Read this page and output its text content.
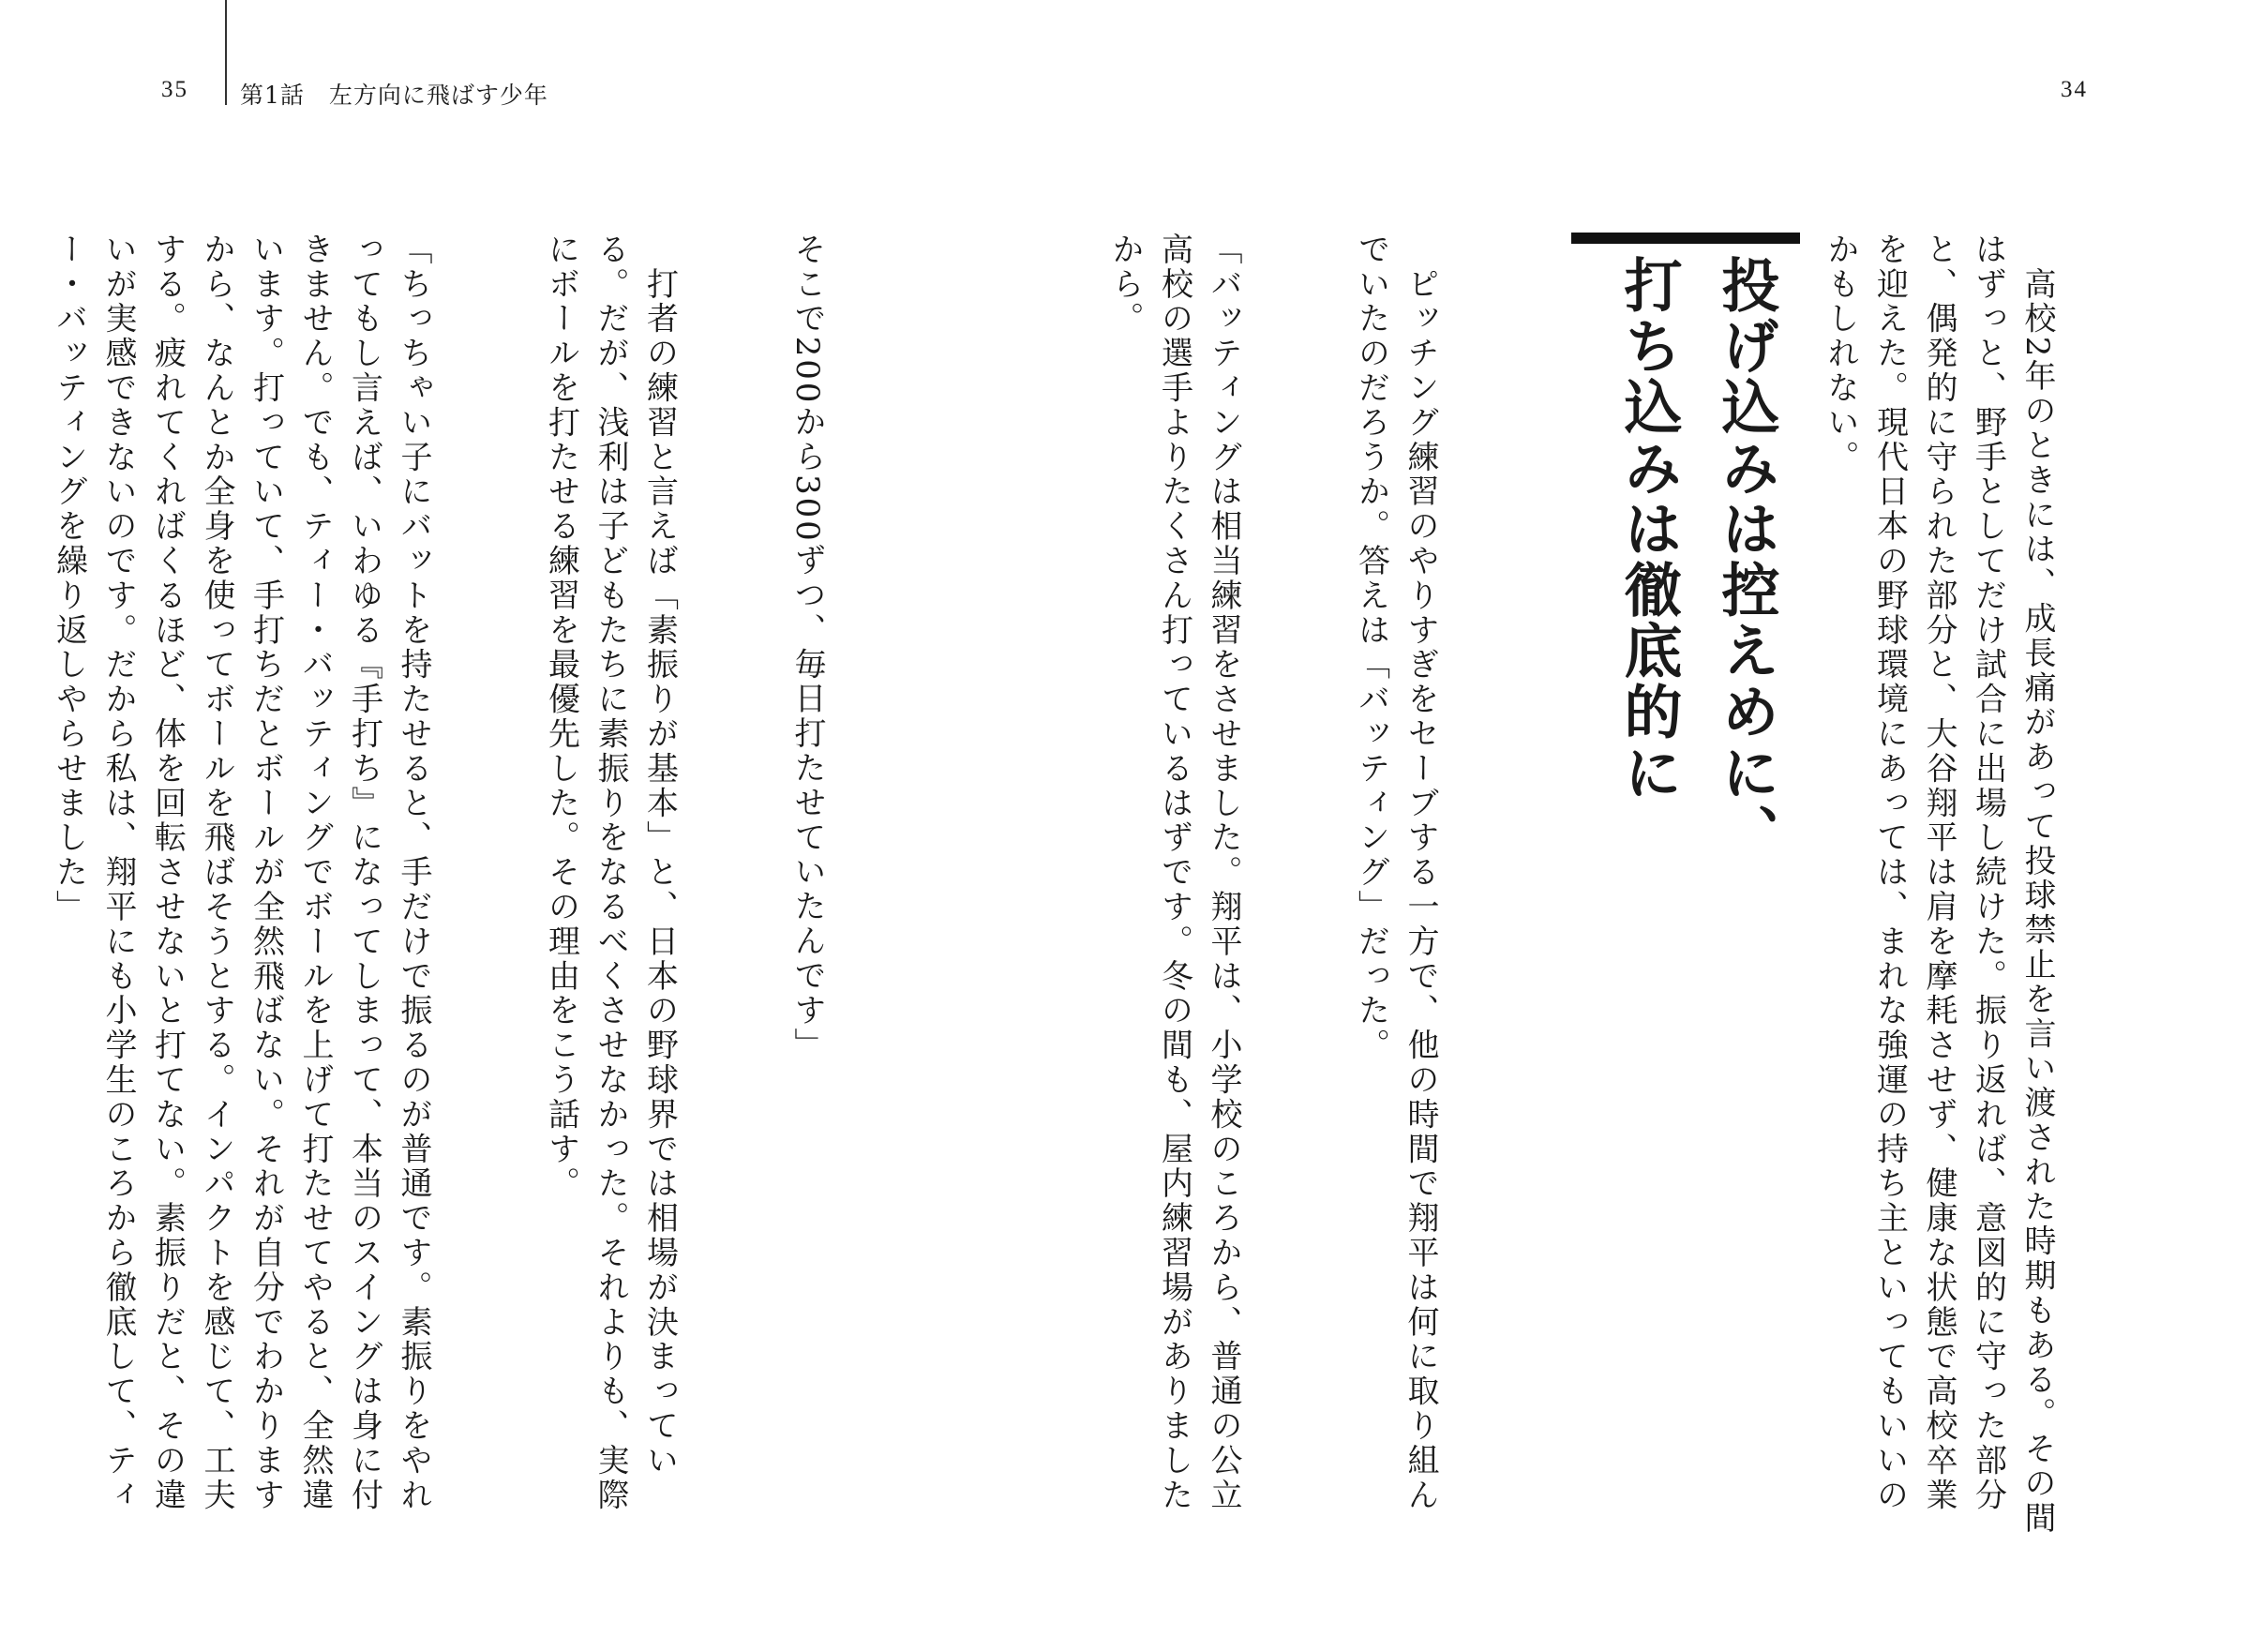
35 第1話　左方向に飛ばす少年	34

　高校2年のときには、成長痛があって投球禁止を言い渡された時期もある。その間はずっと、野手としてだけ試合に出場し続けた。振り返れば、意図的に守った部分と、偶発的に守られた部分と、大谷翔平は肩を摩耗させず、健康な状態で高校卒業を迎えた。現代日本の野球環境にあっては、まれな強運の持ち主といってもいいのかもしれない。

投げ込みは控えめに、
打ち込みは徹底的に

　ピッチング練習のやりすぎをセーブする一方で、他の時間で翔平は何に取り組んでいたのだろうか。答えは「バッティング」だった。

「バッティングは相当練習をさせました。翔平は、小学校のころから、普通の公立高校の選手よりたくさん打っているはずです。冬の間も、屋内練習場がありましたから。

そこで200から300ずつ、毎日打たせていたんです」

　打者の練習と言えば「素振りが基本」と、日本の野球界では相場が決まっている。だが、浅利は子どもたちに素振りをなるべくさせなかった。それよりも、実際にボールを打たせる練習を最優先した。その理由をこう話す。

「ちっちゃい子にバットを持たせると、手だけで振るのが普通です。素振りをやれってもし言えば、いわゆる『手打ち』になってしまって、本当のスイングは身に付きません。でも、ティー・バッティングでボールを上げて打たせてやると、全然違います。打っていて、手打ちだとボールが全然飛ばない。それが自分でわかりますから、なんとか全身を使ってボールを飛ばそうとする。インパクトを感じて、工夫する。疲れてくればくるほど、体を回転させないと打てない。素振りだと、その違いが実感できないのです。だから私は、翔平にも小学生のころから徹底して、ティー・バッティングを繰り返しやらせました」
